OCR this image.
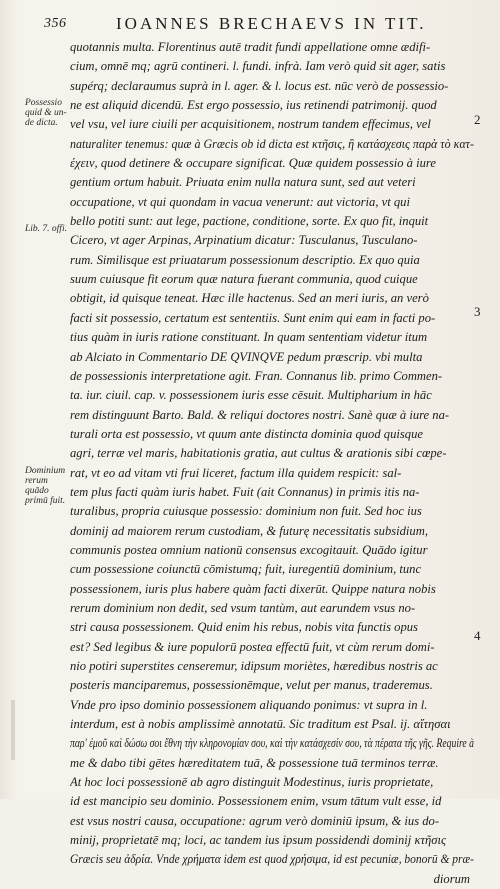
356	IOANNES BRECHAEVS IN TIT.
Possessio
quid & un-
de dicta.
Lib. 7. offi.
Dominium
rerum quādo
primū fuit.
2
3
4
quotannis multa. Florentinus autē tradit fundi appellatione omne ædifi-
cium, omnē mq; agrū contineri. l. fundi. infrà. Iam verò quid sit ager, satis
supérq; declaraumus suprà in l. ager. & l. locus est. nūc verò de possessio-
ne est aliquid dicendū. Est ergo possessio, ius retinendi patrimonij. quod
vel vsu, vel iure ciuili per acquisitionem, nostrum tandem effecimus, vel
naturaliter tenemus: quæ à Græcis ob id dicta est κτῆσις, ἢ κατάσχεσις παρὰ τὸ κατ-
έχειν, quod detinere & occupare significat. Quæ quidem possessio à iure
gentium ortum habuit. Priuata enim nulla natura sunt, sed aut veteri
occupatione, vt qui quondam in vacua venerunt: aut victoria, vt qui
bello potiti sunt: aut lege, pactione, conditione, sorte. Ex quo fit, inquit
Cicero, vt ager Arpinas, Arpinatium dicatur: Tusculanus, Tusculano-
rum. Similisque est priuatarum possessionum descriptio. Ex quo quia
suum cuiusque fit eorum quæ natura fuerant communia, quod cuique
obtigit, id quisque teneat. Hæc ille hactenus. Sed an meri iuris, an verò
facti sit possessio, certatum est sententiis. Sunt enim qui eam in facti po-
tius quàm in iuris ratione constituant. In quam sententiam videtur itum
ab Alciato in Commentario DE QVINQVE pedum præscrip. vbi multa
de possessionis interpretatione agit. Fran. Connanus lib. primo Commen-
ta. iur. ciuil. cap. v. possessionem iuris esse cēsuit. Multipharium in hāc
rem distinguunt Barto. Bald. & reliqui doctores nostri. Sanè quæ à iure na-
turali orta est possessio, vt quum ante distincta dominia quod quisque
agri, terræ vel maris, habitationis gratia, aut cultus & arationis sibi cœpe-
rat, vt eo ad vitam vti frui liceret, factum illa quidem respicit: sal-
tem plus facti quàm iuris habet. Fuit (ait Connanus) in primis itis na-
turalibus, propria cuiusque possessio: dominium non fuit. Sed hoc ius
dominij ad maiorem rerum custodiam, & futurę necessitatis subsidium,
communis postea omnium nationū consensus excogitauit. Quādo igitur
cum possessione coiunctū cōmistumq; fuit, iuregentiū dominium, tunc
possessionem, iuris plus habere quàm facti dixerūt. Quippe natura nobis
rerum dominium non dedit, sed vsum tantùm, aut earundem vsus no-
stri causa possessionem. Quid enim his rebus, nobis vita functis opus
est? Sed legibus & iure populorū postea effectū fuit, vt cùm rerum domi-
nio potiri superstites censeremur, idipsum moriètes, hæredibus nostris ac
posteris manciparemus, possessionēmque, velut per manus, traderemus.
Vnde pro ipso dominio possessionem aliquando ponimus: vt supra in l.
interdum, est à nobis amplissimè annotatū. Sic traditum est Psal. ij. αἴτησαι
παρ' ἐμοῦ καὶ δώσω σοι ἔθνη τὴν κληρονομίαν σου, καὶ τὴν κατάσχεσίν σου, τὰ πέρατα τῆς γῆς. Require à
me & dabo tibi gētes hæreditatem tuā, & possessione tuā terminos terræ.
At hoc loci possessionē ab agro distinguit Modestinus, iuris proprietate,
id est mancipio seu dominio. Possessionem enim, vsum tātum vult esse, id
est vsus nostri causa, occupatione: agrum verò dominiū ipsum, & ius do-
minij, proprietatē mq; loci, ac tandem ius ipsum possidendi dominij κτῆσις
Græcis seu ἀδρία. Vnde χρήματα idem est quod χρήσιμα, id est pecuniæ, bonorū & præ-
diorum
